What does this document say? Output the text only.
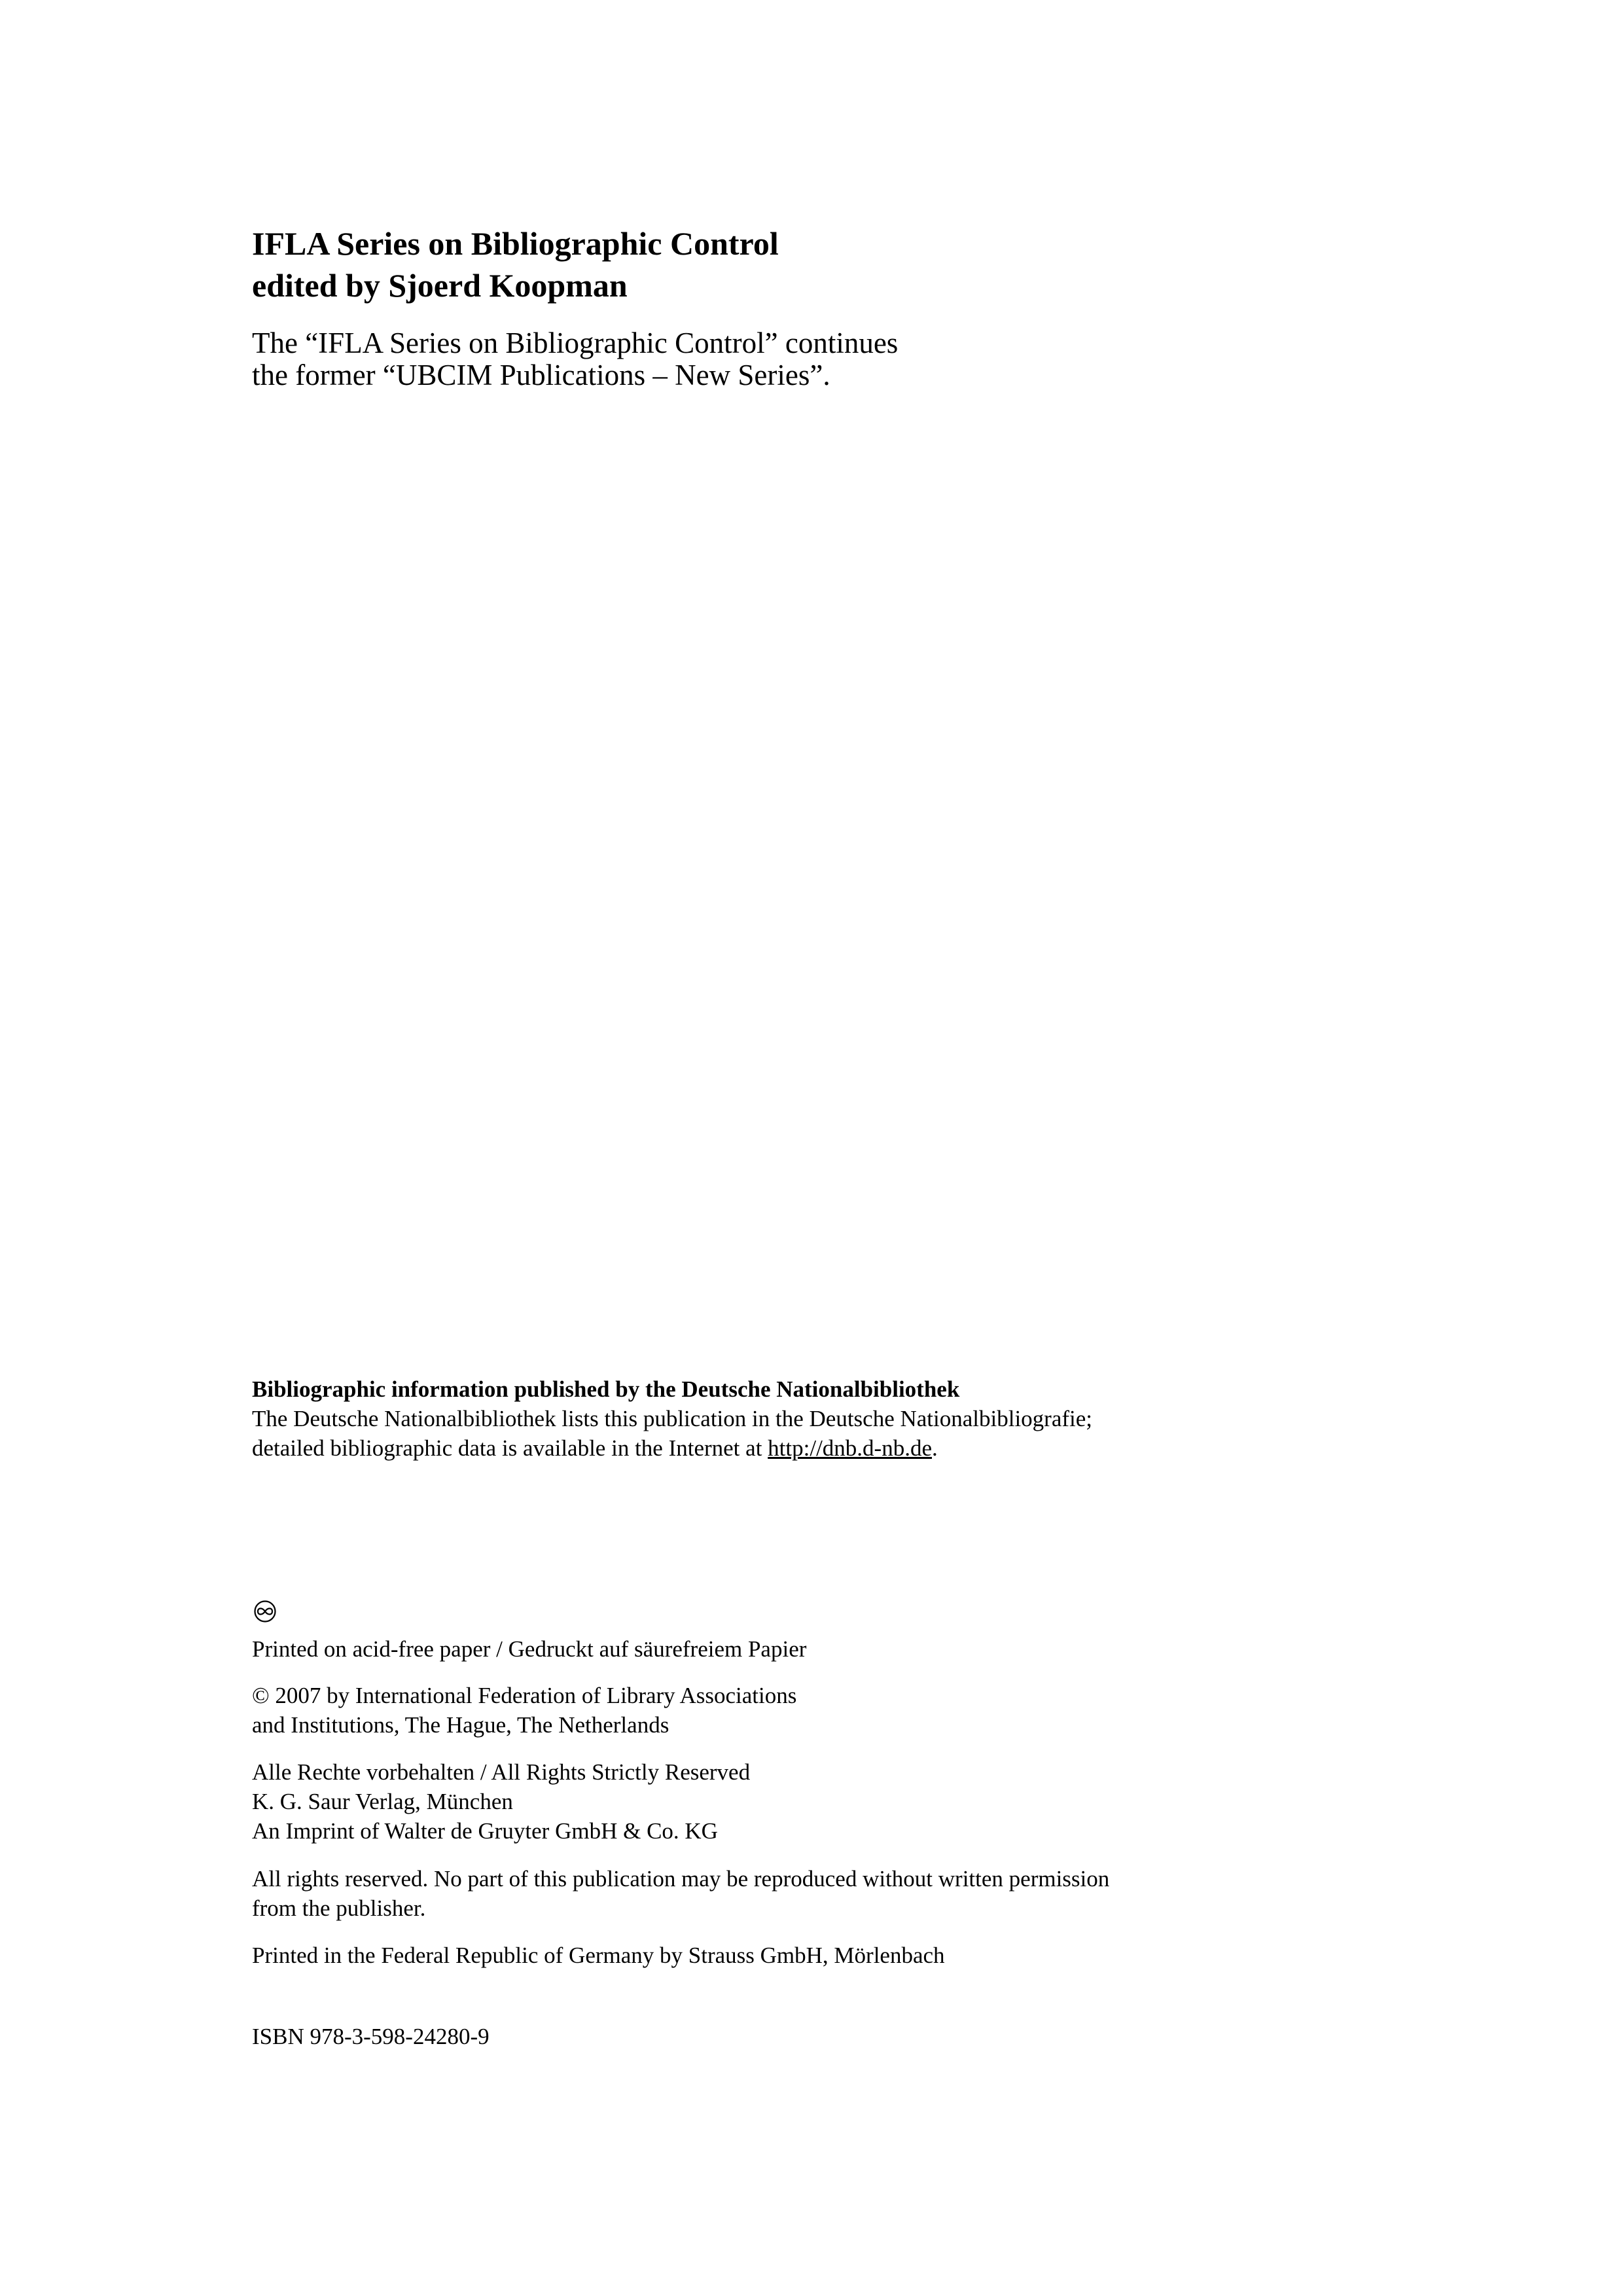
IFLA Series on Bibliographic Control
edited by Sjoerd Koopman
The “IFLA Series on Bibliographic Control” continues
the former “UBCIM Publications – New Series”.
Bibliographic information published by the Deutsche Nationalbibliothek
The Deutsche Nationalbibliothek lists this publication in the Deutsche Nationalbibliografie;
detailed bibliographic data is available in the Internet at http://dnb.d-nb.de.
Printed on acid-free paper / Gedruckt auf säurefreiem Papier
© 2007 by International Federation of Library Associations
and Institutions, The Hague, The Netherlands
Alle Rechte vorbehalten / All Rights Strictly Reserved
K. G. Saur Verlag, München
An Imprint of Walter de Gruyter GmbH & Co. KG
All rights reserved. No part of this publication may be reproduced without written permission
from the publisher.
Printed in the Federal Republic of Germany by Strauss GmbH, Mörlenbach
ISBN 978-3-598-24280-9
